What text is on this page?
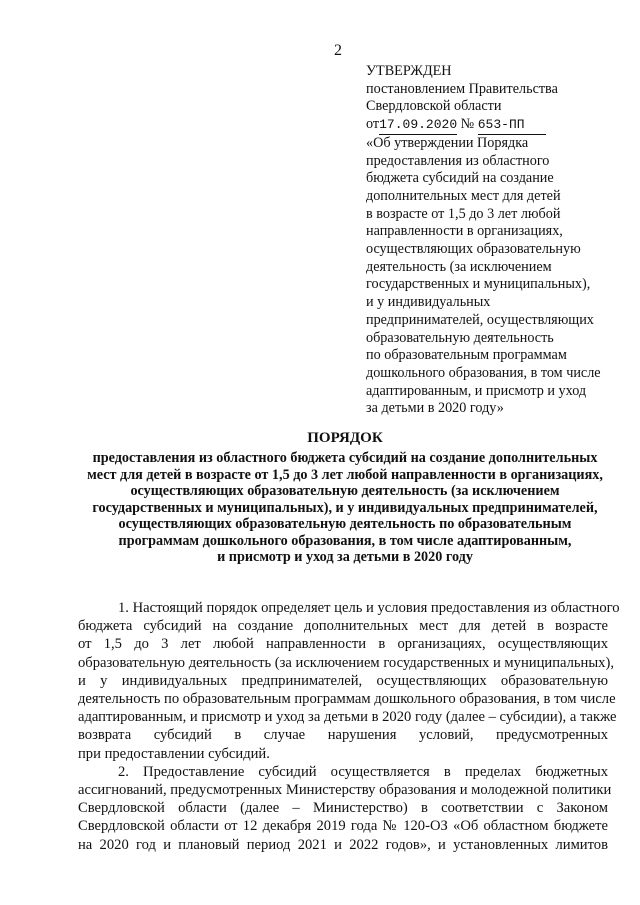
2
УТВЕРЖДЕН
постановлением Правительства
Свердловской области
от17.09.2020 № 653-ПП
«Об утверждении Порядка
предоставления из областного
бюджета субсидий на создание
дополнительных мест для детей
в возрасте от 1,5 до 3 лет любой
направленности в организациях,
осуществляющих образовательную
деятельность (за исключением
государственных и муниципальных),
и у индивидуальных
предпринимателей, осуществляющих
образовательную деятельность
по образовательным программам
дошкольного образования, в том числе
адаптированным, и присмотр и уход
за детьми в 2020 году»
ПОРЯДОК
предоставления из областного бюджета субсидий на создание дополнительных
мест для детей в возрасте от 1,5 до 3 лет любой направленности в организациях,
осуществляющих образовательную деятельность (за исключением
государственных и муниципальных), и у индивидуальных предпринимателей,
осуществляющих образовательную деятельность по образовательным
программам дошкольного образования, в том числе адаптированным,
и присмотр и уход за детьми в 2020 году
1. Настоящий порядок определяет цель и условия предоставления из областного
бюджета субсидий на создание дополнительных мест для детей в возрасте
от 1,5 до 3 лет любой направленности в организациях, осуществляющих
образовательную деятельность (за исключением государственных и муниципальных),
и у индивидуальных предпринимателей, осуществляющих образовательную
деятельность по образовательным программам дошкольного образования, в том числе
адаптированным, и присмотр и уход за детьми в 2020 году (далее – субсидии), а также
возврата субсидий в случае нарушения условий, предусмотренных
при предоставлении субсидий.
2. Предоставление субсидий осуществляется в пределах бюджетных
ассигнований, предусмотренных Министерству образования и молодежной политики
Свердловской области (далее – Министерство) в соответствии с Законом
Свердловской области от 12 декабря 2019 года № 120-ОЗ «Об областном бюджете
на 2020 год и плановый период 2021 и 2022 годов», и установленных лимитов
